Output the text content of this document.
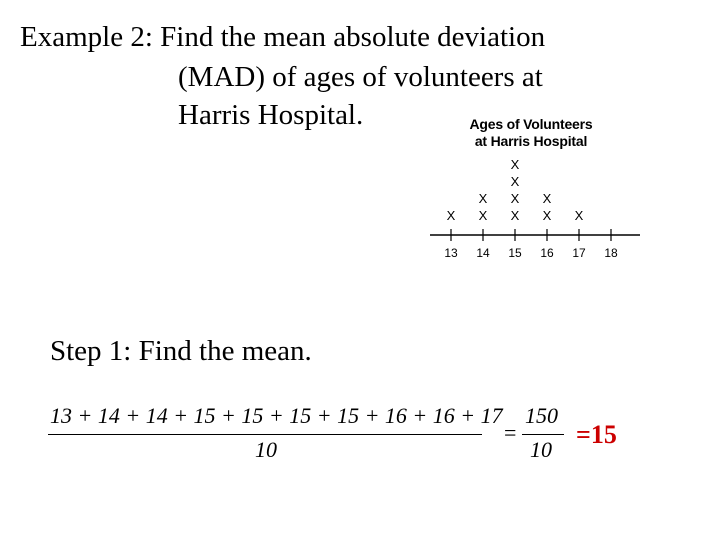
Example 2: Find the mean absolute deviation
(MAD) of ages of volunteers at
Harris Hospital.	Ages of Volunteers
at Harris Hospital
13 14 15 16 17 18
X X
X
X
X
X
X
X
X
X
Step 1: Find the mean.
13 + 14 + 14 + 15 + 15 + 15 + 15 + 16 + 16 + 17
10
=
150
10
=15
